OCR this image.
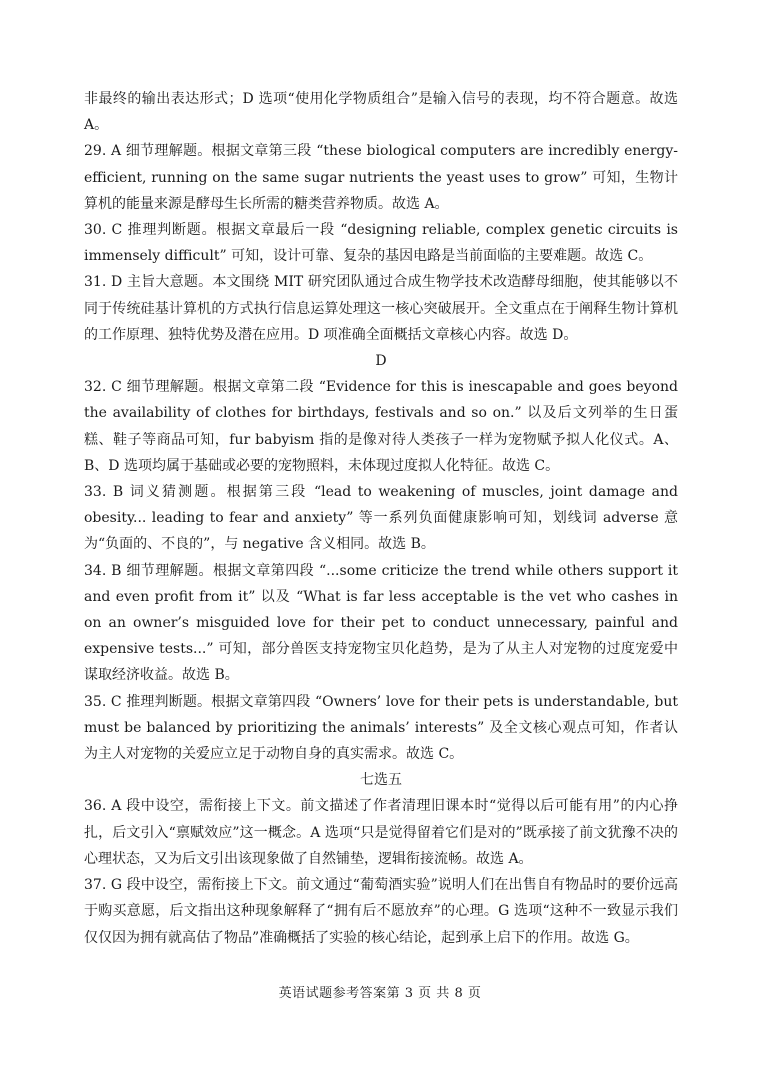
非最终的输出表达形式；D 选项“使用化学物质组合”是输入信号的表现，均不符合题意。故选 A。

29. A 细节理解题。根据文章第三段 “these biological computers are incredibly energy-efficient, running on the same sugar nutrients the yeast uses to grow” 可知，生物计算机的能量来源是酵母生长所需的糖类营养物质。故选 A。

30. C 推理判断题。根据文章最后一段 “designing reliable, complex genetic circuits is immensely difficult” 可知，设计可靠、复杂的基因电路是当前面临的主要难题。故选 C。

31. D 主旨大意题。本文围绕 MIT 研究团队通过合成生物学技术改造酵母细胞，使其能够以不同于传统硅基计算机的方式执行信息运算处理这一核心突破展开。全文重点在于阐释生物计算机的工作原理、独特优势及潜在应用。D 项准确全面概括文章核心内容。故选 D。

D

32. C 细节理解题。根据文章第二段 “Evidence for this is inescapable and goes beyond the availability of clothes for birthdays, festivals and so on.” 以及后文列举的生日蛋糕、鞋子等商品可知，fur babyism 指的是像对待人类孩子一样为宠物赋予拟人化仪式。A、B、D 选项均属于基础或必要的宠物照料，未体现过度拟人化特征。故选 C。

33. B 词义猜测题。根据第三段 “lead to weakening of muscles, joint damage and obesity... leading to fear and anxiety” 等一系列负面健康影响可知，划线词 adverse 意为“负面的、不良的”，与 negative 含义相同。故选 B。

34. B 细节理解题。根据文章第四段 “...some criticize the trend while others support it and even profit from it” 以及 “What is far less acceptable is the vet who cashes in on an owner’s misguided love for their pet to conduct unnecessary, painful and expensive tests...” 可知，部分兽医支持宠物宝贝化趋势，是为了从主人对宠物的过度宠爱中谋取经济收益。故选 B。

35. C 推理判断题。根据文章第四段 “Owners’ love for their pets is understandable, but must be balanced by prioritizing the animals’ interests” 及全文核心观点可知，作者认为主人对宠物的关爱应立足于动物自身的真实需求。故选 C。

七选五

36. A 段中设空，需衔接上下文。前文描述了作者清理旧课本时“觉得以后可能有用”的内心挣扎，后文引入“禀赋效应”这一概念。A 选项“只是觉得留着它们是对的”既承接了前文犹豫不决的心理状态，又为后文引出该现象做了自然铺垫，逻辑衔接流畅。故选 A。

37. G 段中设空，需衔接上下文。前文通过“葡萄酒实验”说明人们在出售自有物品时的要价远高于购买意愿，后文指出这种现象解释了“拥有后不愿放弃”的心理。G 选项“这种不一致显示我们仅仅因为拥有就高估了物品”准确概括了实验的核心结论，起到承上启下的作用。故选 G。

英语试题参考答案第 3 页 共 8 页
